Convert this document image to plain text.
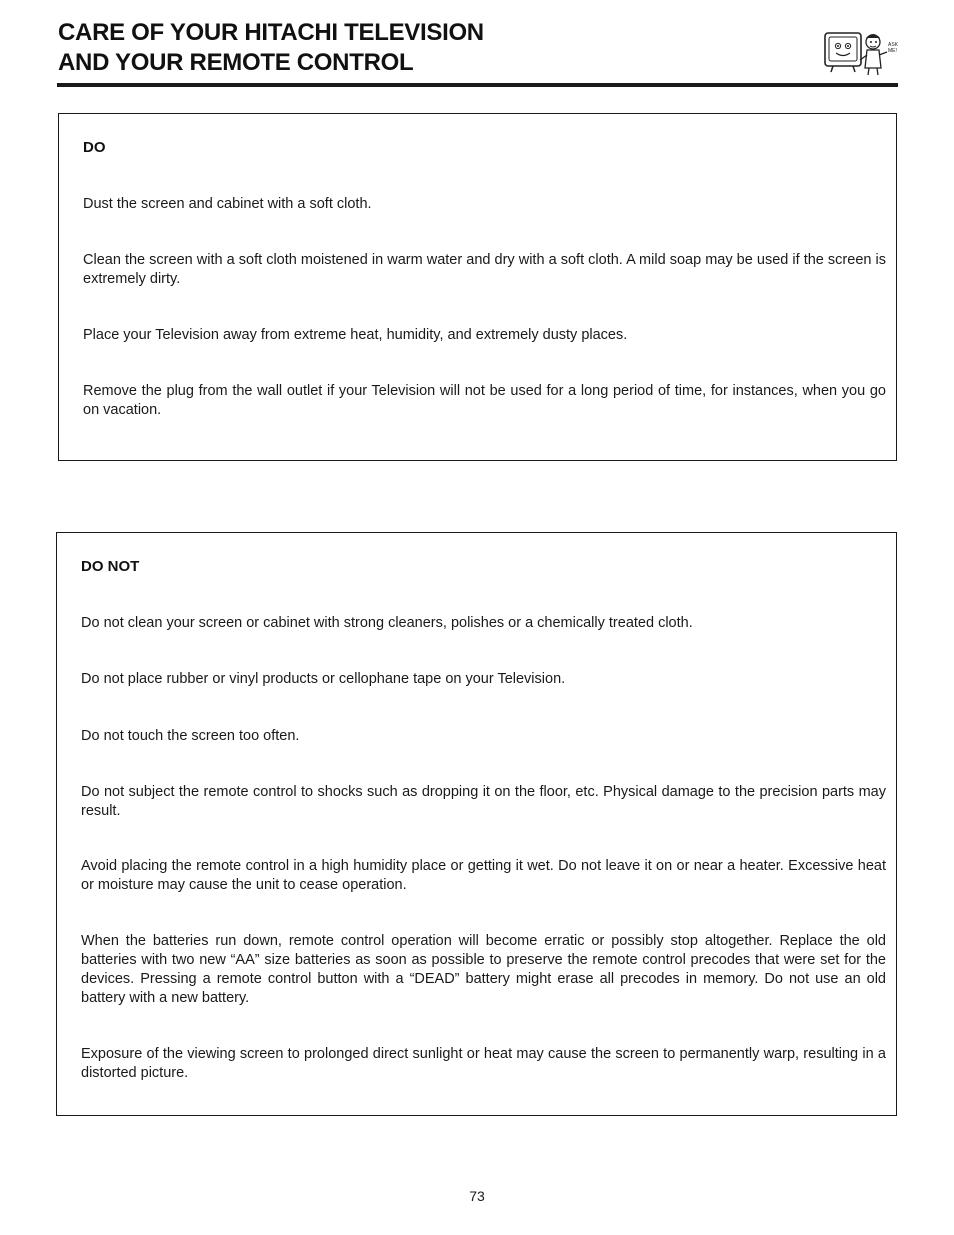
CARE OF YOUR HITACHI TELEVISION
AND YOUR REMOTE CONTROL
ASK
ME!
DO
Dust the screen and cabinet with a soft cloth.
Clean the screen with a soft cloth moistened in warm water and dry with a soft cloth. A mild soap may be used if the screen is extremely dirty.
Place your Television away from extreme heat, humidity, and extremely dusty places.
Remove the plug from the wall outlet if your Television will not be used for a long period of time, for instances, when you go on vacation.
DO NOT
Do not clean your screen or cabinet with strong cleaners, polishes or a chemically treated cloth.
Do not place rubber or vinyl products or cellophane tape on your Television.
Do not touch the screen too often.
Do not subject the remote control to shocks such as dropping it on the floor, etc. Physical damage to the precision parts may result.
Avoid placing the remote control in a high humidity place or getting it wet. Do not leave it on or near a heater. Excessive heat or moisture may cause the unit to cease operation.
When the batteries run down, remote control operation will become erratic or possibly stop altogether. Replace the old batteries with two new “AA” size batteries as soon as possible to preserve the remote control precodes that were set for the devices. Pressing a remote control button with a “DEAD” battery might erase all precodes in memory. Do not use an old battery with a new battery.
Exposure of the viewing screen to prolonged direct sunlight or heat may cause the screen to permanently warp, resulting in a distorted picture.
73
